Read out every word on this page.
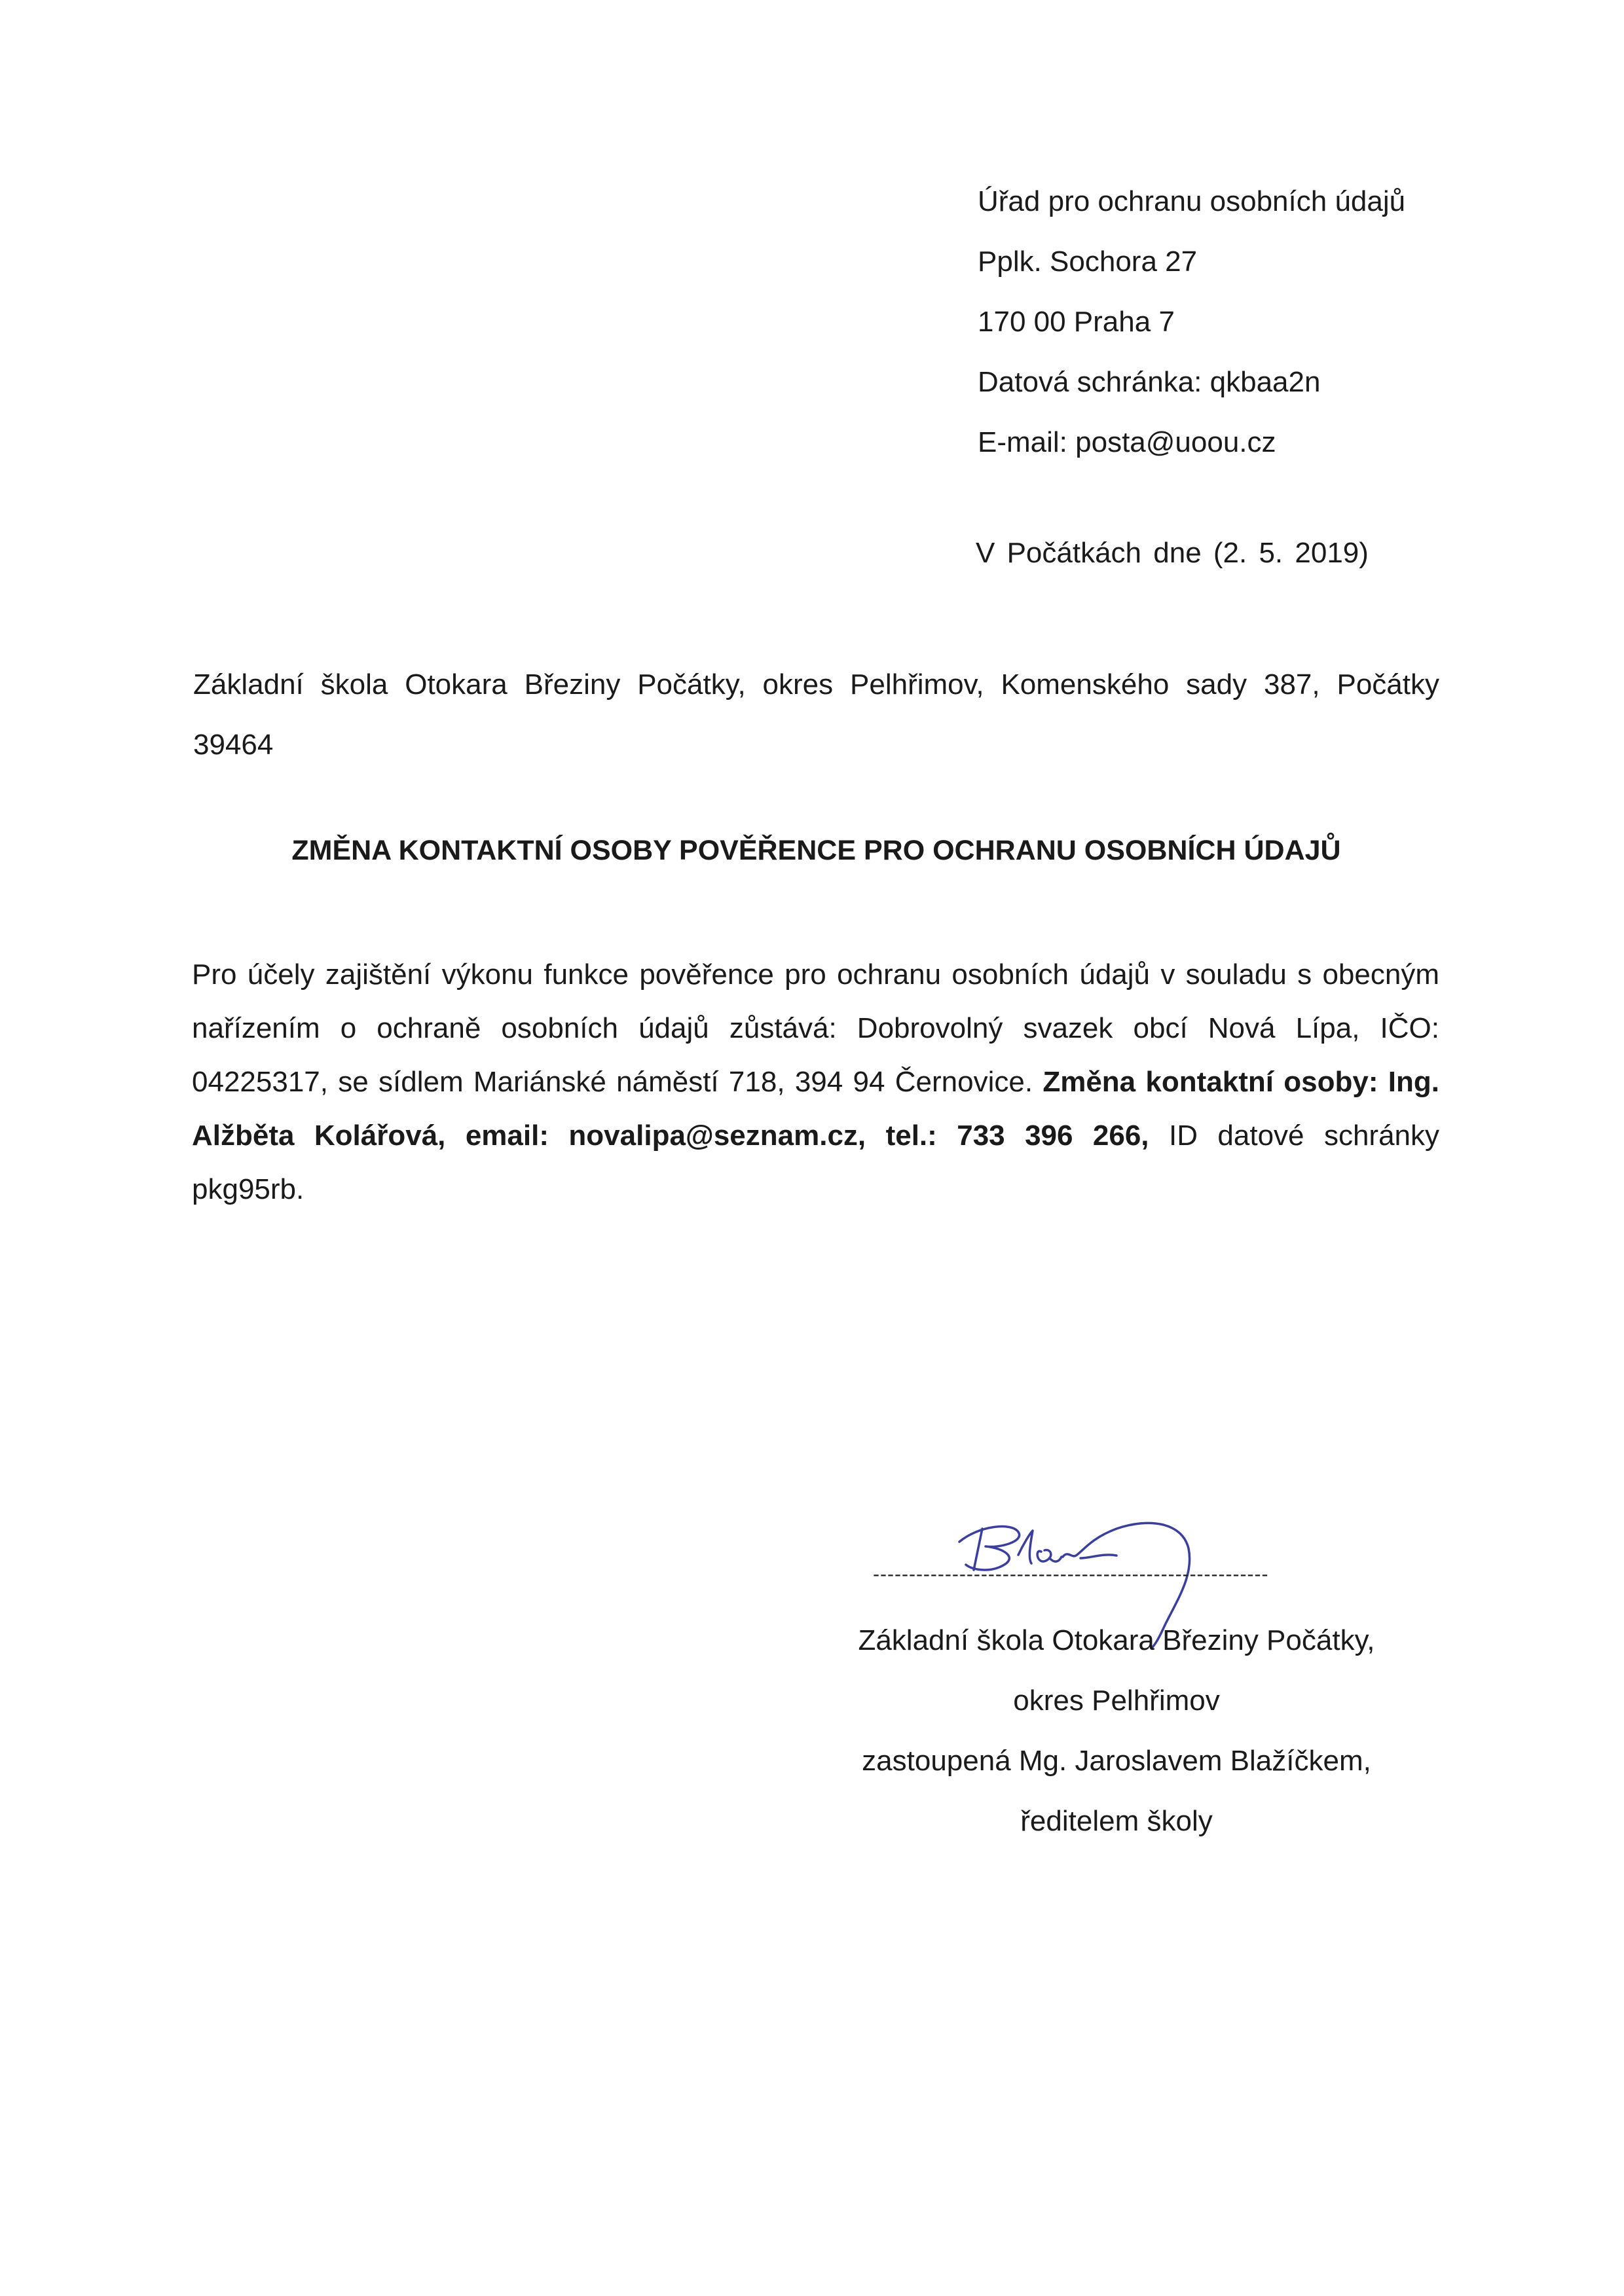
Úřad pro ochranu osobních údajů
Pplk. Sochora 27
170 00 Praha 7
Datová schránka: qkbaa2n
E-mail: posta@uoou.cz
V Počátkách dne (2. 5. 2019)
Základní škola Otokara Březiny Počátky, okres Pelhřimov, Komenského sady 387, Počátky 39464
ZMĚNA KONTAKTNÍ OSOBY POVĚŘENCE PRO OCHRANU OSOBNÍCH ÚDAJŮ
Pro účely zajištění výkonu funkce pověřence pro ochranu osobních údajů v souladu s obecným nařízením o ochraně osobních údajů zůstává: Dobrovolný svazek obcí Nová Lípa, IČO: 04225317, se sídlem Mariánské náměstí 718, 394 94 Černovice. Změna kontaktní osoby: Ing. Alžběta Kolářová, email: novalipa@seznam.cz, tel.: 733 396 266, ID datové schránky pkg95rb.
-------------------------------------------------------
Základní škola Otokara Březiny Počátky,
okres Pelhřimov
zastoupená Mg. Jaroslavem Blažíčkem,
ředitelem školy
